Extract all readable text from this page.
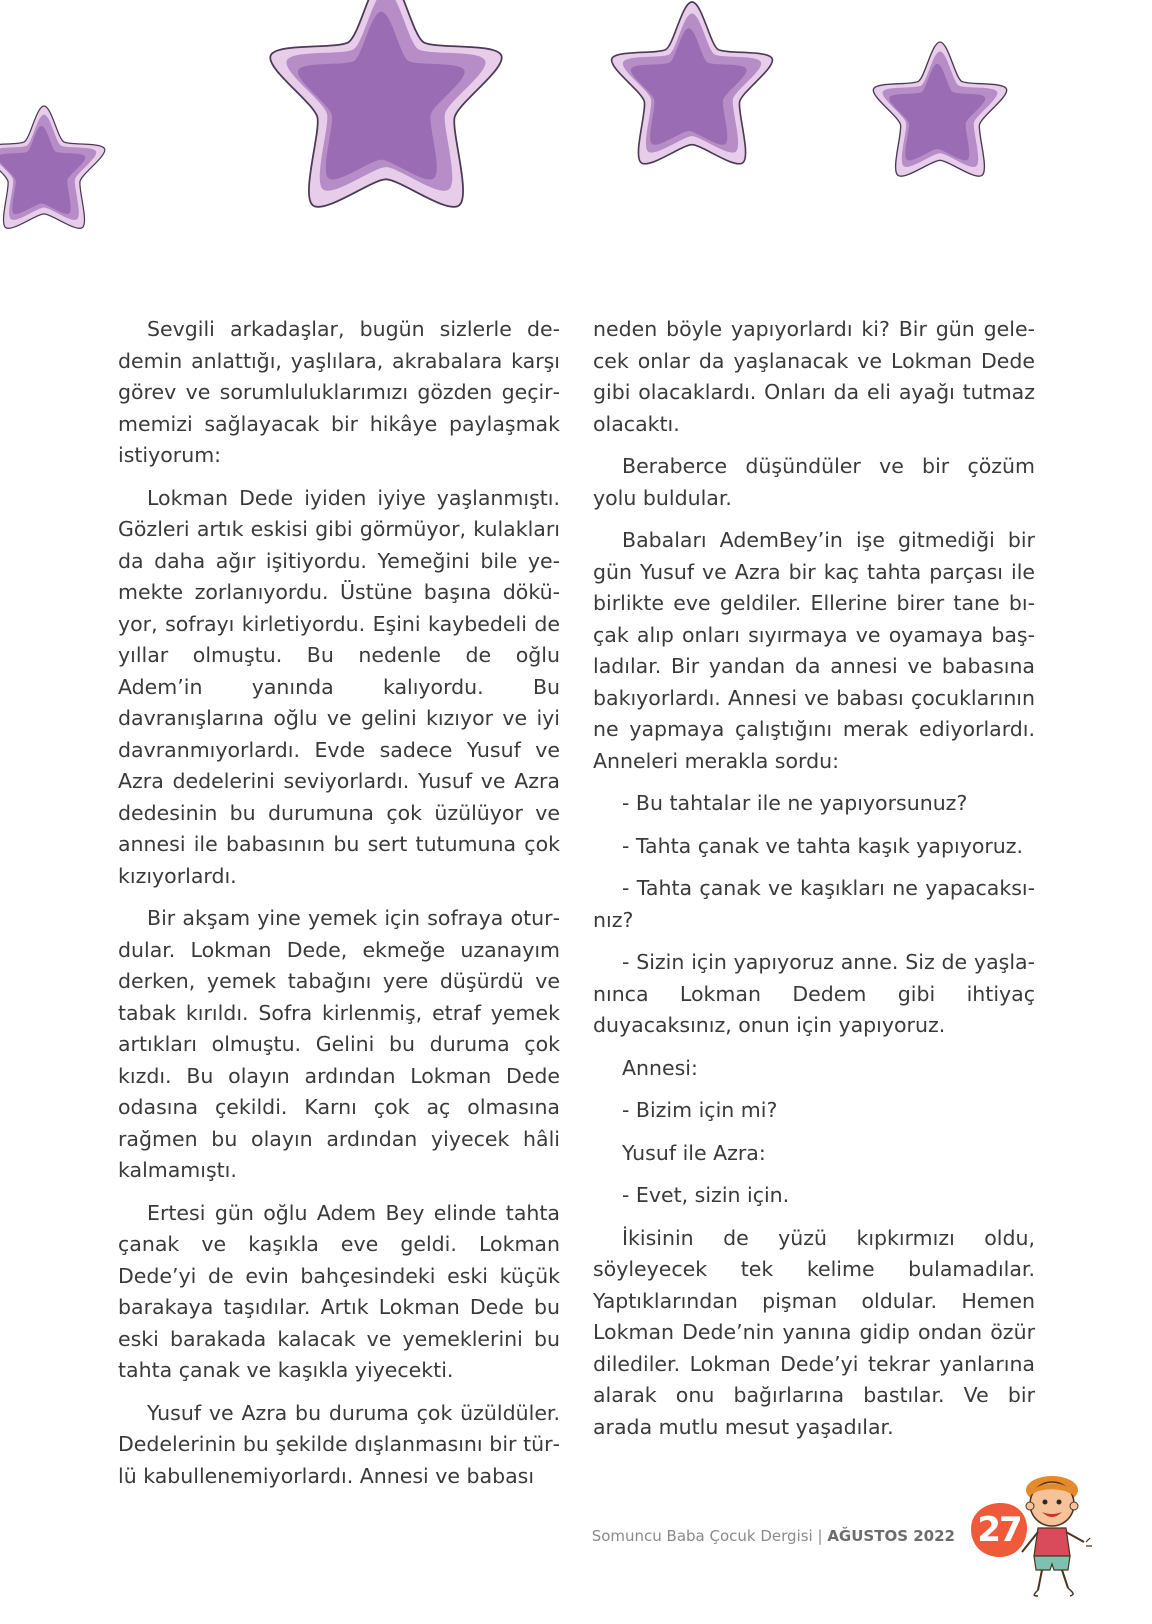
Sevgili arkadaşlar, bugün sizlerle dedemin anlattığı, yaşlılara, akrabalara karşı görev ve sorumluluklarımızı gözden geçirmemizi sağlayacak bir hikâye paylaşmak istiyorum:

Lokman Dede iyiden iyiye yaşlanmıştı. Gözleri artık eskisi gibi görmüyor, kulakları da daha ağır işitiyordu. Yemeğini bile yemekte zorlanıyordu. Üstüne başına döküyor, sofrayı kirletiyordu. Eşini kaybedeli de yıllar olmuştu. Bu nedenle de oğlu Adem’in yanında kalıyordu. Bu davranışlarına oğlu ve gelini kızıyor ve iyi davranmıyorlardı. Evde sadece Yusuf ve Azra dedelerini seviyorlardı. Yusuf ve Azra dedesinin bu durumuna çok üzülüyor ve annesi ile babasının bu sert tutumuna çok kızıyorlardı.

Bir akşam yine yemek için sofraya oturdular. Lokman Dede, ekmeğe uzanayım derken, yemek tabağını yere düşürdü ve tabak kırıldı. Sofra kirlenmiş, etraf yemek artıkları olmuştu. Gelini bu duruma çok kızdı. Bu olayın ardından Lokman Dede odasına çekildi. Karnı çok aç olmasına rağmen bu olayın ardından yiyecek hâli kalmamıştı.

Ertesi gün oğlu Adem Bey elinde tahta çanak ve kaşıkla eve geldi. Lokman Dede’yi de evin bahçesindeki eski küçük barakaya taşıdılar. Artık Lokman Dede bu eski barakada kalacak ve yemeklerini bu tahta çanak ve kaşıkla yiyecekti.

Yusuf ve Azra bu duruma çok üzüldüler. Dedelerinin bu şekilde dışlanmasını bir türlü kabullenemiyorlardı. Annesi ve babası

neden böyle yapıyorlardı ki? Bir gün gelecek onlar da yaşlanacak ve Lokman Dede gibi olacaklardı. Onları da eli ayağı tutmaz olacaktı.

Beraberce düşündüler ve bir çözüm yolu buldular.

Babaları AdemBey’in işe gitmediği bir gün Yusuf ve Azra bir kaç tahta parçası ile birlikte eve geldiler. Ellerine birer tane bıçak alıp onları sıyırmaya ve oyamaya başladılar. Bir yandan da annesi ve babasına bakıyorlardı. Annesi ve babası çocuklarının ne yapmaya çalıştığını merak ediyorlardı. Anneleri merakla sordu:

- Bu tahtalar ile ne yapıyorsunuz?

- Tahta çanak ve tahta kaşık yapıyoruz.

- Tahta çanak ve kaşıkları ne yapacaksınız?

- Sizin için yapıyoruz anne. Siz de yaşlanınca Lokman Dedem gibi ihtiyaç duyacaksınız, onun için yapıyoruz.

Annesi:

- Bizim için mi?

Yusuf ile Azra:

- Evet, sizin için.

İkisinin de yüzü kıpkırmızı oldu, söyleyecek tek kelime bulamadılar. Yaptıklarından pişman oldular. Hemen Lokman Dede’nin yanına gidip ondan özür dilediler. Lokman Dede’yi tekrar yanlarına alarak onu bağırlarına bastılar. Ve bir arada mutlu mesut yaşadılar.

Somuncu Baba Çocuk Dergisi | AĞUSTOS 2022 27
